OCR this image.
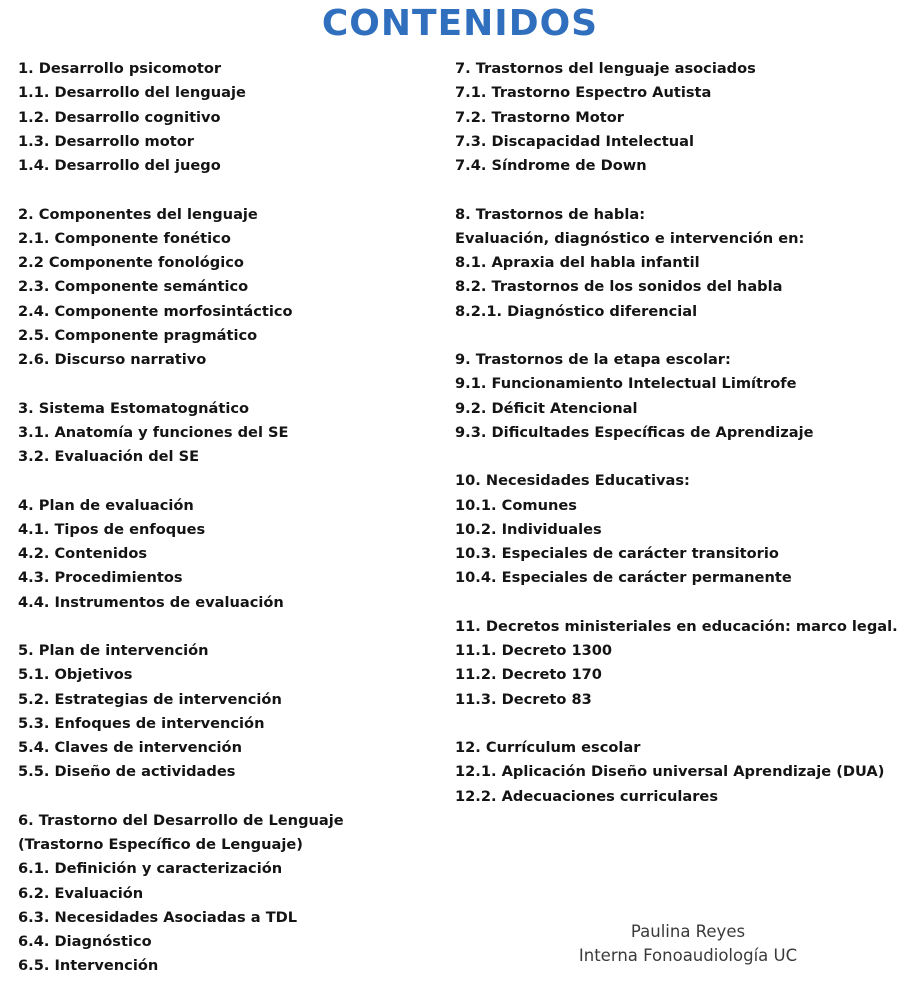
CONTENIDOS
1. Desarrollo psicomotor
1.1. Desarrollo del lenguaje
1.2. Desarrollo cognitivo
1.3. Desarrollo motor
1.4. Desarrollo del juego
2. Componentes del lenguaje
2.1. Componente fonético
2.2 Componente fonológico
2.3. Componente semántico
2.4. Componente morfosintáctico
2.5. Componente pragmático
2.6. Discurso narrativo
3. Sistema Estomatognático
3.1. Anatomía y funciones del SE
3.2. Evaluación del SE
4. Plan de evaluación
4.1. Tipos de enfoques
4.2. Contenidos
4.3. Procedimientos
4.4. Instrumentos de evaluación
5. Plan de intervención
5.1. Objetivos
5.2. Estrategias de intervención
5.3. Enfoques de intervención
5.4. Claves de intervención
5.5. Diseño de actividades
6. Trastorno del Desarrollo de Lenguaje
(Trastorno Específico de Lenguaje)
6.1. Definición y caracterización
6.2. Evaluación
6.3. Necesidades Asociadas a TDL
6.4. Diagnóstico
6.5. Intervención
7. Trastornos del lenguaje asociados
7.1. Trastorno Espectro Autista
7.2. Trastorno Motor
7.3. Discapacidad Intelectual
7.4. Síndrome de Down
8. Trastornos de habla:
Evaluación, diagnóstico e intervención en:
8.1. Apraxia del habla infantil
8.2. Trastornos de los sonidos del habla
8.2.1. Diagnóstico diferencial
9. Trastornos de la etapa escolar:
9.1. Funcionamiento Intelectual Limítrofe
9.2. Déficit Atencional
9.3. Dificultades Específicas de Aprendizaje
10. Necesidades Educativas:
10.1. Comunes
10.2. Individuales
10.3. Especiales de carácter transitorio
10.4. Especiales de carácter permanente
11. Decretos ministeriales en educación: marco legal.
11.1. Decreto 1300
11.2. Decreto 170
11.3. Decreto 83
12. Currículum escolar
12.1. Aplicación Diseño universal Aprendizaje (DUA)
12.2. Adecuaciones curriculares
Paulina Reyes
Interna Fonoaudiología UC
